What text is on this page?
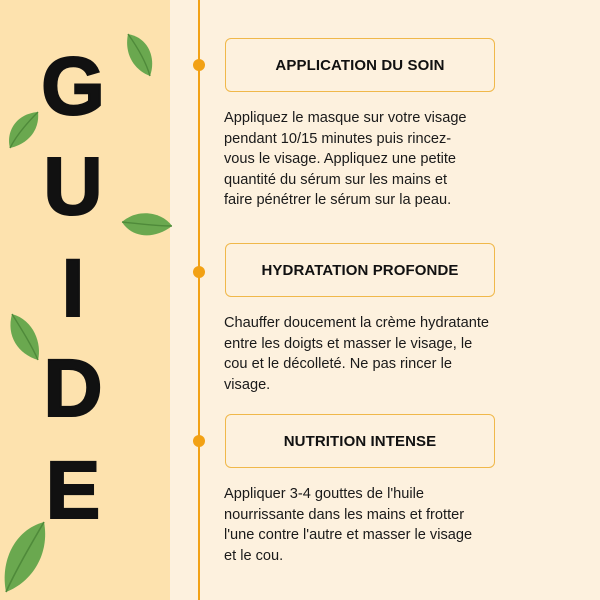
G
U
I
D
E
APPLICATION DU SOIN
Appliquez le masque sur votre visage
pendant 10/15 minutes puis rincez-
vous le visage. Appliquez une petite
quantité du sérum sur les mains et
faire pénétrer le sérum sur la peau.
HYDRATATION PROFONDE
Chauffer doucement la crème hydratante
entre les doigts et masser le visage, le
cou et le décolleté. Ne pas rincer le
visage.
NUTRITION INTENSE
Appliquer 3-4 gouttes de l'huile
nourrissante dans les mains et frotter
l'une contre l'autre et masser le visage
et le cou.
